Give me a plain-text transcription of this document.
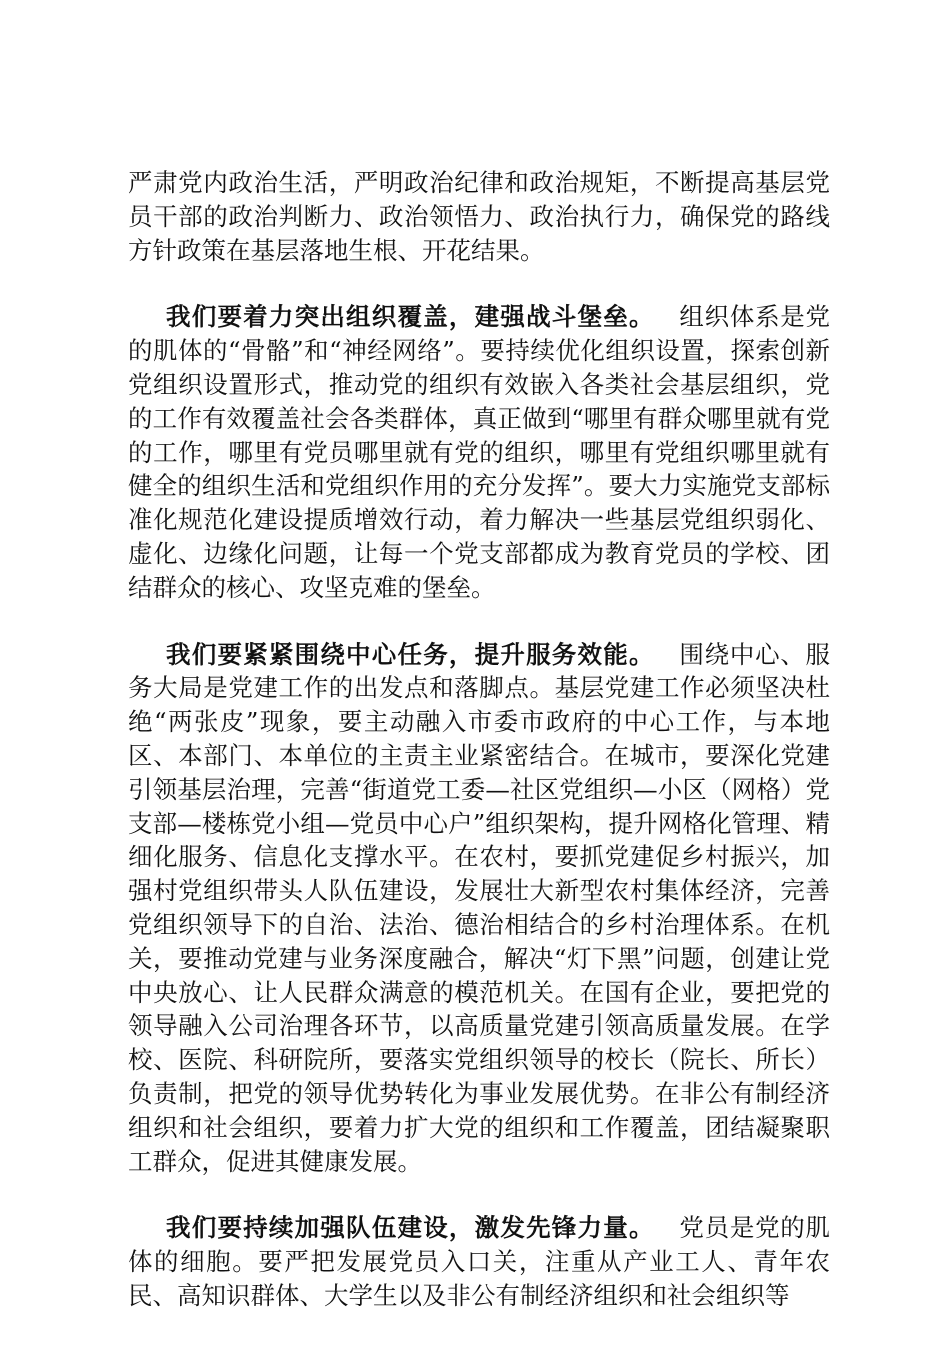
严肃党内政治生活，严明政治纪律和政治规矩，不断提高基层党员干部的政治判断力、政治领悟力、政治执行力，确保党的路线方针政策在基层落地生根、开花结果。

我们要着力突出组织覆盖，建强战斗堡垒。 组织体系是党的肌体的“骨骼”和“神经网络”。要持续优化组织设置，探索创新党组织设置形式，推动党的组织有效嵌入各类社会基层组织，党的工作有效覆盖社会各类群体，真正做到“哪里有群众哪里就有党的工作，哪里有党员哪里就有党的组织，哪里有党组织哪里就有健全的组织生活和党组织作用的充分发挥”。要大力实施党支部标准化规范化建设提质增效行动，着力解决一些基层党组织弱化、虚化、边缘化问题，让每一个党支部都成为教育党员的学校、团结群众的核心、攻坚克难的堡垒。

我们要紧紧围绕中心任务，提升服务效能。 围绕中心、服务大局是党建工作的出发点和落脚点。基层党建工作必须坚决杜绝“两张皮”现象，要主动融入市委市政府的中心工作，与本地区、本部门、本单位的主责主业紧密结合。在城市，要深化党建引领基层治理，完善“街道党工委—社区党组织—小区（网格）党支部—楼栋党小组—党员中心户”组织架构，提升网格化管理、精细化服务、信息化支撑水平。在农村，要抓党建促乡村振兴，加强村党组织带头人队伍建设，发展壮大新型农村集体经济，完善党组织领导下的自治、法治、德治相结合的乡村治理体系。在机关，要推动党建与业务深度融合，解决“灯下黑”问题，创建让党中央放心、让人民群众满意的模范机关。在国有企业，要把党的领导融入公司治理各环节，以高质量党建引领高质量发展。在学校、医院、科研院所，要落实党组织领导的校长（院长、所长）负责制，把党的领导优势转化为事业发展优势。在非公有制经济组织和社会组织，要着力扩大党的组织和工作覆盖，团结凝聚职工群众，促进其健康发展。

我们要持续加强队伍建设，激发先锋力量。 党员是党的肌体的细胞。要严把发展党员入口关，注重从产业工人、青年农民、高知识群体、大学生以及非公有制经济组织和社会组织等
